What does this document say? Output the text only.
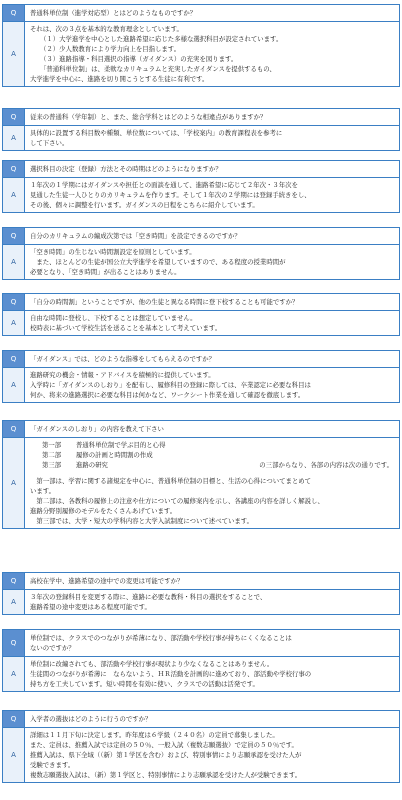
Q	普通科単位制（進学対応型）とはどのようなものですか？
A

それは、次の３点を基本的な教育理念としています。

（１）大学進学を中心とした進路希望に応じた多様な選択科目が設定されています。

（２）少人数教育により学力向上を目指します。

（３）進路指導・科目選択の指導（ガイダンス）の充実を図ります。

「普通科単位制」は、柔軟なカリキュラムと充実したガイダンスを提供するもの、

大学進学を中心に、進路を切り開こうとする生徒に有利です。

Q	従来の普通科（学年制）と、また、総合学科とはどのような相違点がありますか？
A

具体的に設置する科目数や種類、単位数については、「学校案内」の教育課程表を参考に

して下さい。

Q	選択科目の決定（登録）方法とその時期はどのようになりますか？
A

１年次の１学期にはガイダンスや担任との面談を通して、進路希望に応じて２年次・３年次を

見通した生徒一人ひとりのカリキュラムを作ります。そして１年次の２学期には登録手続きをし、

その後、個々に調整を行います。ガイダンスの日程をこちらに紹介しています。

Q	自分のカリキュラムの編成次第では「空き時間」を設定できるのですか？
A

「空き時間」の生じない時間割設定を原則としています。

　また、ほとんどの生徒が国公立大学進学を希望していますので、ある程度の授業時間が

必要となり、「空き時間」が出ることはありません。

Q	「自分の時間割」ということですが、他の生徒と異なる時間に登下校することも可能ですか？
A

自由な時間に登校し、下校することは想定していません。

校時表に基づいて学校生活を送ることを基本として考えています。

Q	「ガイダンス」では、どのような指導をしてもらえるのですか？
A

進路研究の機会・情報・アドバイスを積極的に提供しています。

入学時に「ガイダンスのしおり」を配布し、履修科目の登録に際しては、卒業認定に必要な科目は

何か、将来の進路選択に必要な科目は何かなど、ワークシート作業を通して確認を徹底します。

Q	「ガイダンスのしおり」の内容を教えて下さい
A
第一部	普通科単位制で学ぶ目的と心得
第二部	履修の計画と時間割の作成
第三部	進路の研究	の三部からなり、各部の内容は次の通りです。

　第一部は、学習に関する諸規定を中心に、普通科単位制の目標と、生活の心得についてまとめて

います。

　第二部は、各教科の履修上の注意や仕方についての履修案内を示し、各講座の内容を詳しく解説し、

進路分野別履修のモデルをたくさんあげています。

　第三部では、大学・短大の学科内容と大学入試制度について述べています。

Q	高校在学中、進路希望の途中での変更は可能ですか？
A

３年次の登録科目を変更する際に、進路に必要な教科・科目の選択をすることで、

進路希望の途中変更はある程度可能です。

Q
単位制では、クラスでのつながりが希薄になり、部活動や学校行事が持ちにくくなることは
ないのですか？
A

単位制に改編されても、部活動や学校行事が現状より少なくなることはありません。

生徒間のつながりが希薄に　ならないよう、ＨＲ活動を計画的に進めており、部活動や学校行事の

持ち方を工夫しています。短い時間を有効に使い、クラスでの活動は活発です。

Q	入学者の選抜はどのように行うのですか？
A

詳細は１１月下旬に決定します。昨年度は６学級（２４０名）の定員で募集しました。

また、定員は、推薦入試では定員の５０％、一般入試（複数志願選抜）で定員の５０％です。

推薦入試は、県下全域（（新）第１学区を含む）および、特別事情により志願承認を受けた人が

受験できます。

複数志願選抜入試は、（新）第１学区と、特別事情により志願承認を受けた人が受験できます。
